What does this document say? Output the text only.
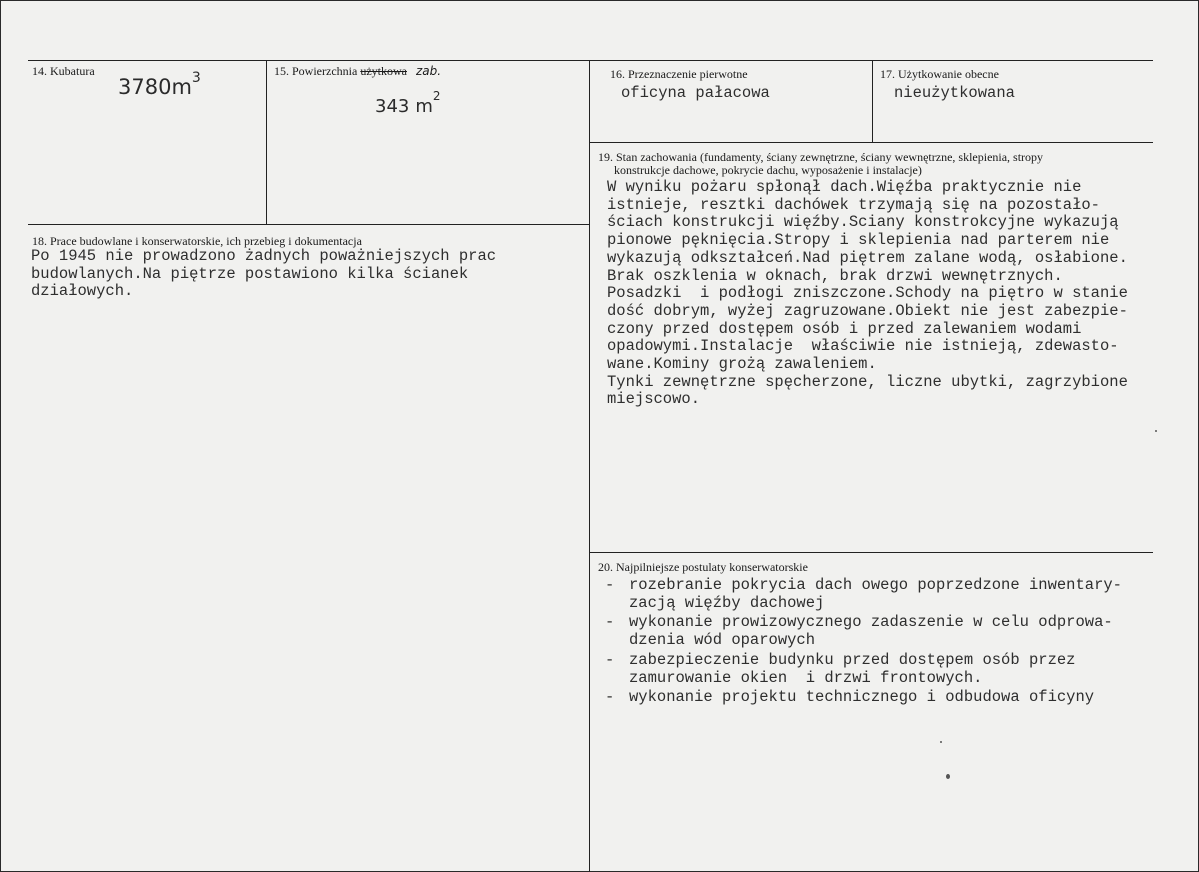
14. Kubatura
$3780m^3$	15. Powierzchnia użytkowa zab.
343 $m^2$
16. Przeznaczenie pierwotne
oficyna pałacowa
17. Użytkowanie obecne
nieużytkowana
18. Prace budowlane i konserwatorskie, ich przebieg i dokumentacja
Po 1945 nie prowadzono żadnych poważniejszych prac
budowlanych.Na piętrze postawiono kilka ścianek
działowych.
19. Stan zachowania (fundamenty, ściany zewnętrzne, ściany wewnętrzne, sklepienia, stropy
konstrukcje dachowe, pokrycie dachu, wyposażenie i instalacje)
W wyniku pożaru spłonął dach.Więźba praktycznie nie
istnieje, resztki dachówek trzymają się na pozostało-
ściach konstrukcji więźby.Sciany konstrokcyjne wykazują
pionowe pęknięcia.Stropy i sklepienia nad parterem nie
wykazują odkształceń.Nad piętrem zalane wodą, osłabione.
Brak oszklenia w oknach, brak drzwi wewnętrznych.
Posadzki  i podłogi zniszczone.Schody na piętro w stanie
dość dobrym, wyżej zagruzowane.Obiekt nie jest zabezpie-
czony przed dostępem osób i przed zalewaniem wodami
opadowymi.Instalacje  właściwie nie istnieją, zdewasto-
wane.Kominy grożą zawaleniem.
Tynki zewnętrzne spęcherzone, liczne ubytki, zagrzybione
miejscowo.
20. Najpilniejsze postulaty konserwatorskie
- rozebranie pokrycia dach owego poprzedzone inwentary-
zacją więźby dachowej
- wykonanie prowizowycznego zadaszenie w celu odprowa-
dzenia wód oparowych
- zabezpieczenie budynku przed dostępem osób przez
zamurowanie okien  i drzwi frontowych.
- wykonanie projektu technicznego i odbudowa oficyny
